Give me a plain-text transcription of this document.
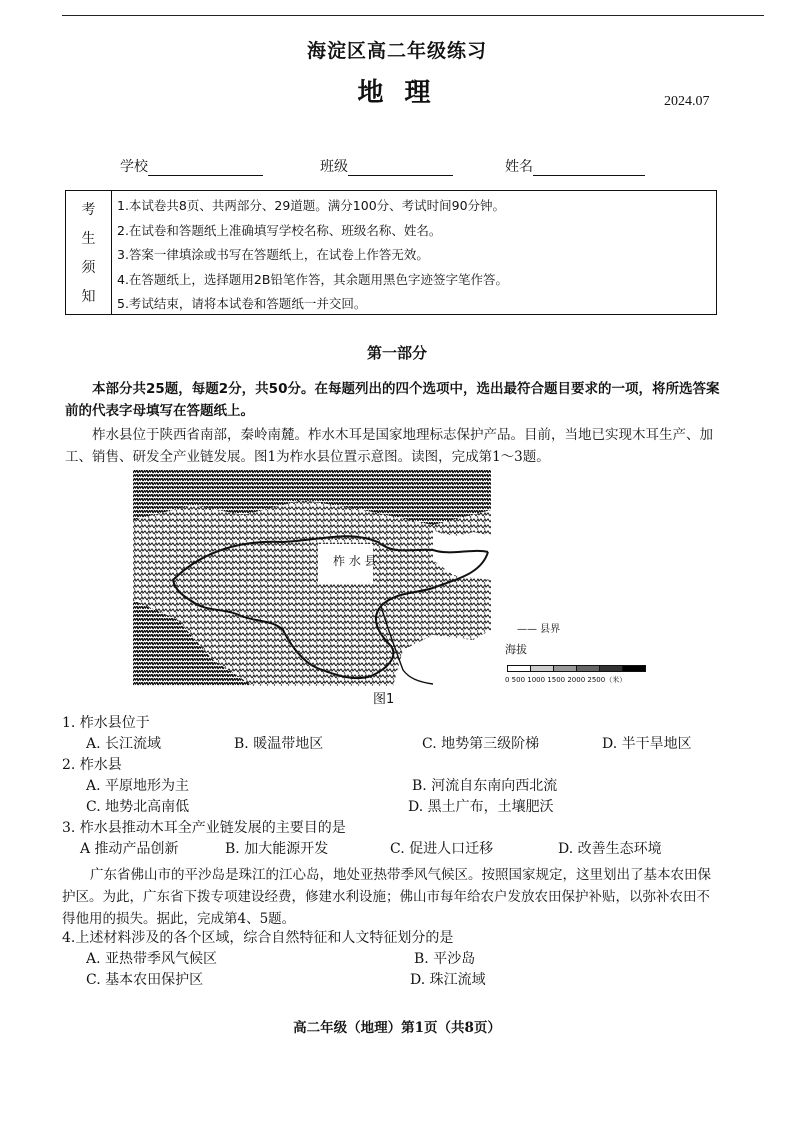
海淀区高二年级练习
地 理	2024.07
学校	班级	姓名
考
生
须
知
1.本试卷共8页、共两部分、29道题。满分100分、考试时间90分钟。
2.在试卷和答题纸上准确填写学校名称、班级名称、姓名。
3.答案一律填涂或书写在答题纸上，在试卷上作答无效。
4.在答题纸上，选择题用2B铅笔作答，其余题用黑色字迹签字笔作答。
5.考试结束，请将本试卷和答题纸一并交回。
第一部分
本部分共25题，每题2分，共50分。在每题列出的四个选项中，选出最符合题目要求的一项，将所选答案前的代表字母填写在答题纸上。
柞水县位于陕西省南部，秦岭南麓。柞水木耳是国家地理标志保护产品。目前，当地已实现木耳生产、加工、销售、研发全产业链发展。图1为柞水县位置示意图。读图，完成第1～3题。
柞 水 县
—— 县界
海拔
0 500 1000 1500 2000 2500（米）
图1
1. 柞水县位于
A. 长江流域	B. 暖温带地区	C. 地势第三级阶梯	D. 半干旱地区
2. 柞水县
A. 平原地形为主	B. 河流自东南向西北流
C. 地势北高南低	D. 黑土广布，土壤肥沃
3. 柞水县推动木耳全产业链发展的主要目的是
A 推动产品创新	B. 加大能源开发	C. 促进人口迁移	D. 改善生态环境
广东省佛山市的平沙岛是珠江的江心岛，地处亚热带季风气候区。按照国家规定，这里划出了基本农田保护区。为此，广东省下拨专项建设经费，修建水利设施；佛山市每年给农户发放农田保护补贴，以弥补农田不得他用的损失。据此，完成第4、5题。
4.上述材料涉及的各个区域，综合自然特征和人文特征划分的是
A. 亚热带季风气候区	B. 平沙岛
C. 基本农田保护区	D. 珠江流域
高二年级（地理）第1页（共8页）
